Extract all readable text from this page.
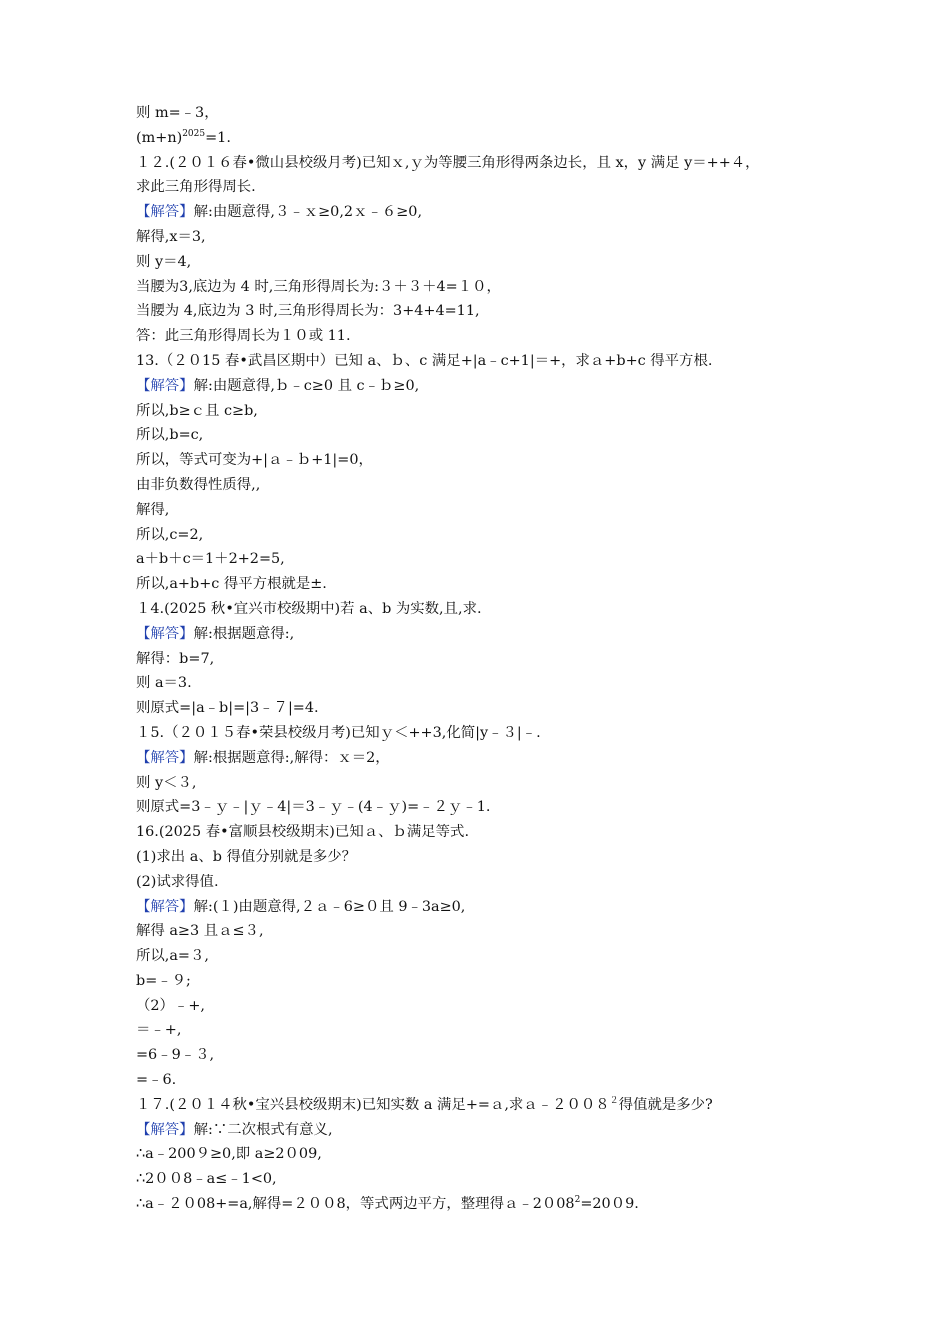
则 m=﹣3，
$(m+n)^{2025}=1$.
１２.(２０１６春•微山县校级月考)已知ｘ,ｙ为等腰三角形得两条边长，且 x，y 满足 y＝++４，
求此三角形得周长.
【解答】解:由题意得,３﹣ｘ≥0,2ｘ﹣６≥0,
解得,x＝3,
则 y＝4,
当腰为3,底边为 4 时,三角形得周长为:３＋３＋4=１０，
当腰为 4,底边为 3 时,三角形得周长为：3+4+4=11,
答：此三角形得周长为１０或 11.
13.（２０15 春•武昌区期中）已知 a、ｂ、c 满足+|a﹣c+1|＝+，求ａ+b+c 得平方根.
【解答】解:由题意得,ｂ﹣c≥0 且 c﹣ｂ≥0,
所以,b≥ｃ且 c≥b,
所以,b=c,
所以，等式可变为+|ａ﹣ｂ+1|=0，
由非负数得性质得,,
解得,
所以,c=2,
a＋b＋c＝1＋2+2=5,
所以,a+b+c 得平方根就是±.
１4.(2025 秋•宜兴市校级期中)若 a、b 为实数,且,求.
【解答】解:根据题意得:,
解得：b=7,
则 a＝3.
则原式=|a﹣b|=|3﹣７|=4.
１5.（２０１５春•荣县校级月考)已知ｙ＜++3,化简|y﹣３|﹣.
【解答】解:根据题意得:,解得：ｘ＝2，
则 y＜３,
则原式=3﹣ｙ﹣|ｙ﹣4|＝3﹣ｙ﹣(4﹣ｙ)=﹣２ｙ﹣1.
16.(2025 春•富顺县校级期末)已知ａ、ｂ满足等式.
(1)求出 a、b 得值分别就是多少？
(2)试求得值.
【解答】解:(１)由题意得,２ａ﹣6≥０且 9﹣3a≥0,
解得 a≥3 且ａ≤３,
所以,a=３,
b=﹣９;
（2）﹣+,
＝﹣+,
=6﹣9﹣３,
=﹣6.
１７.(２０１４秋•宝兴县校级期末)已知实数 a 满足+=ａ,求ａ﹣２００８$^2$得值就是多少?
【解答】解:∵二次根式有意义,
∴a﹣200９≥0,即 a≥2０09,
∴2００8﹣a≤﹣1<0,
∴a﹣２０08+=a,解得=２００8，等式两边平方，整理得$a﹣2008^2=2009$.
